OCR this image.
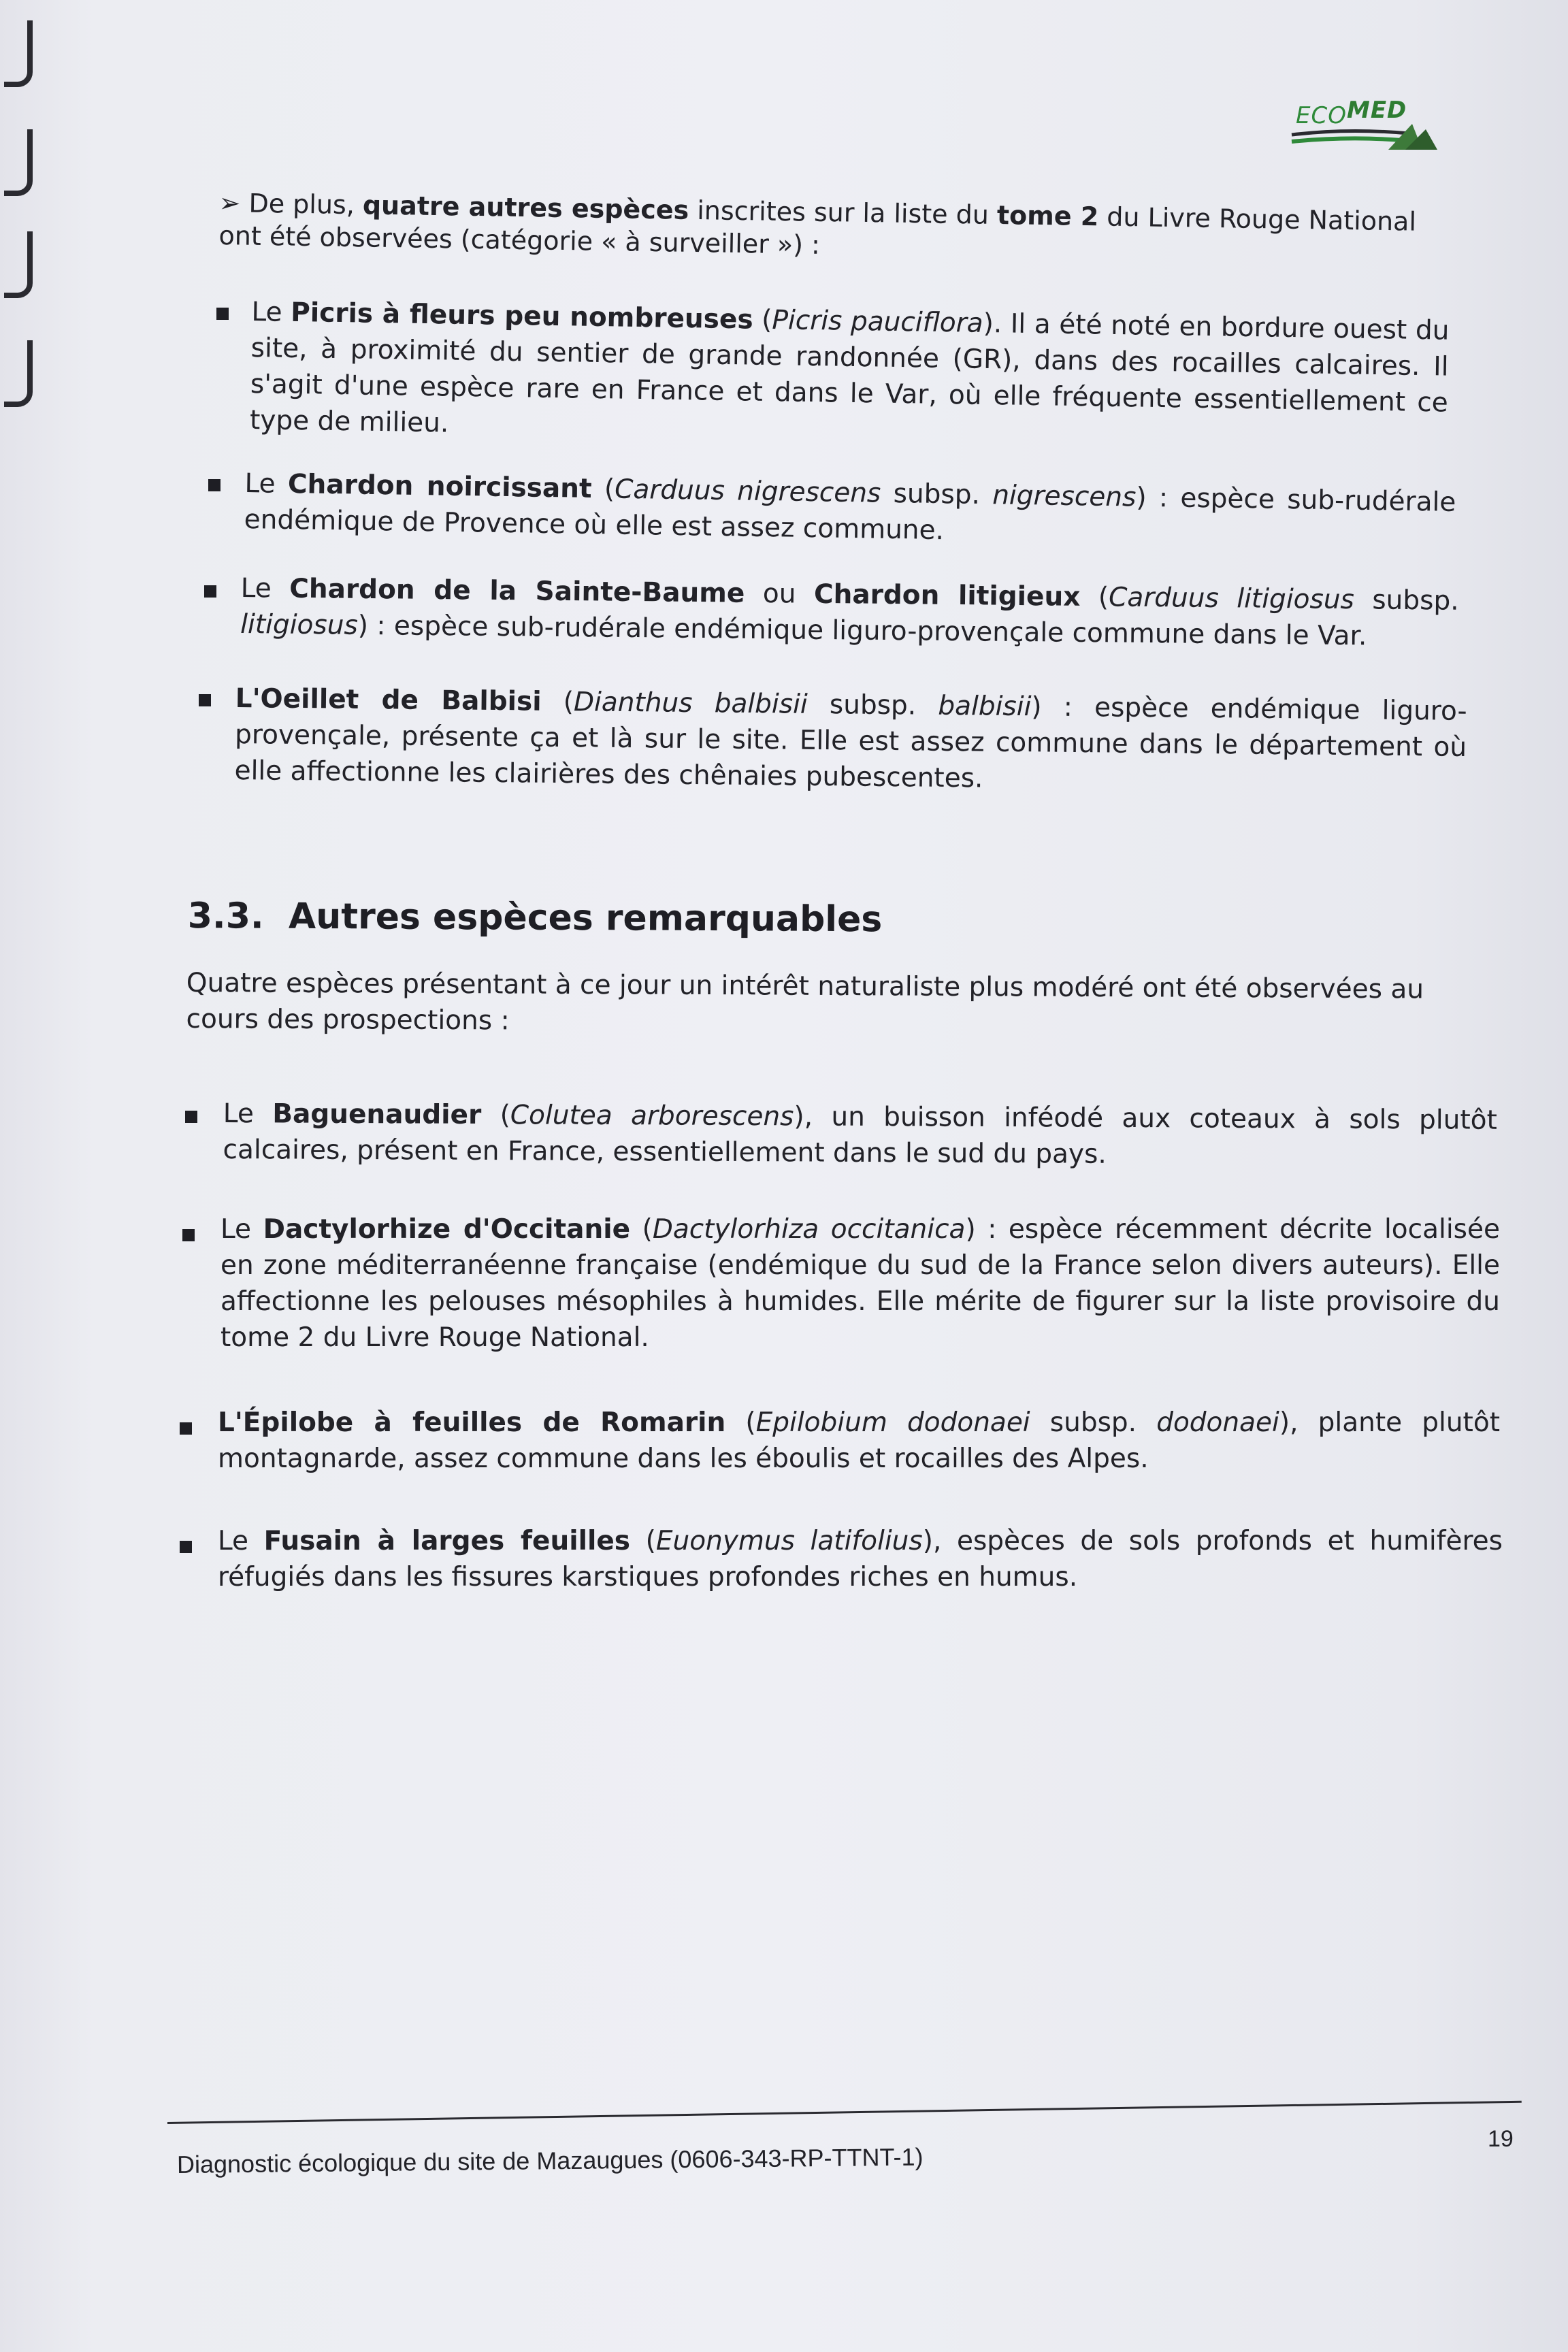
ECOMED
➢ De plus, quatre autres espèces inscrites sur la liste du tome 2 du Livre Rouge National
ont été observées (catégorie « à surveiller ») :
Le Picris à fleurs peu nombreuses (Picris pauciflora). Il a été noté en bordure ouest du site, à proximité du sentier de grande randonnée (GR), dans des rocailles calcaires. Il s'agit d'une espèce rare en France et dans le Var, où elle fréquente essentiellement ce type de milieu.
Le Chardon noircissant (Carduus nigrescens subsp. nigrescens) : espèce sub-rudérale endémique de Provence où elle est assez commune.
Le Chardon de la Sainte-Baume ou Chardon litigieux (Carduus litigiosus subsp. litigiosus) : espèce sub-rudérale endémique liguro-provençale commune dans le Var.
L'Oeillet de Balbisi (Dianthus balbisii subsp. balbisii) : espèce endémique liguro-provençale, présente ça et là sur le site. Elle est assez commune dans le département où elle affectionne les clairières des chênaies pubescentes.
3.3. Autres espèces remarquables
Quatre espèces présentant à ce jour un intérêt naturaliste plus modéré ont été observées au cours des prospections :
Le Baguenaudier (Colutea arborescens), un buisson inféodé aux coteaux à sols plutôt calcaires, présent en France, essentiellement dans le sud du pays.
Le Dactylorhize d'Occitanie (Dactylorhiza occitanica) : espèce récemment décrite localisée en zone méditerranéenne française (endémique du sud de la France selon divers auteurs). Elle affectionne les pelouses mésophiles à humides. Elle mérite de figurer sur la liste provisoire du tome 2 du Livre Rouge National.
L'Épilobe à feuilles de Romarin (Epilobium dodonaei subsp. dodonaei), plante plutôt montagnarde, assez commune dans les éboulis et rocailles des Alpes.
Le Fusain à larges feuilles (Euonymus latifolius), espèces de sols profonds et humifères réfugiés dans les fissures karstiques profondes riches en humus.
Diagnostic écologique du site de Mazaugues (0606-343-RP-TTNT-1)
19
